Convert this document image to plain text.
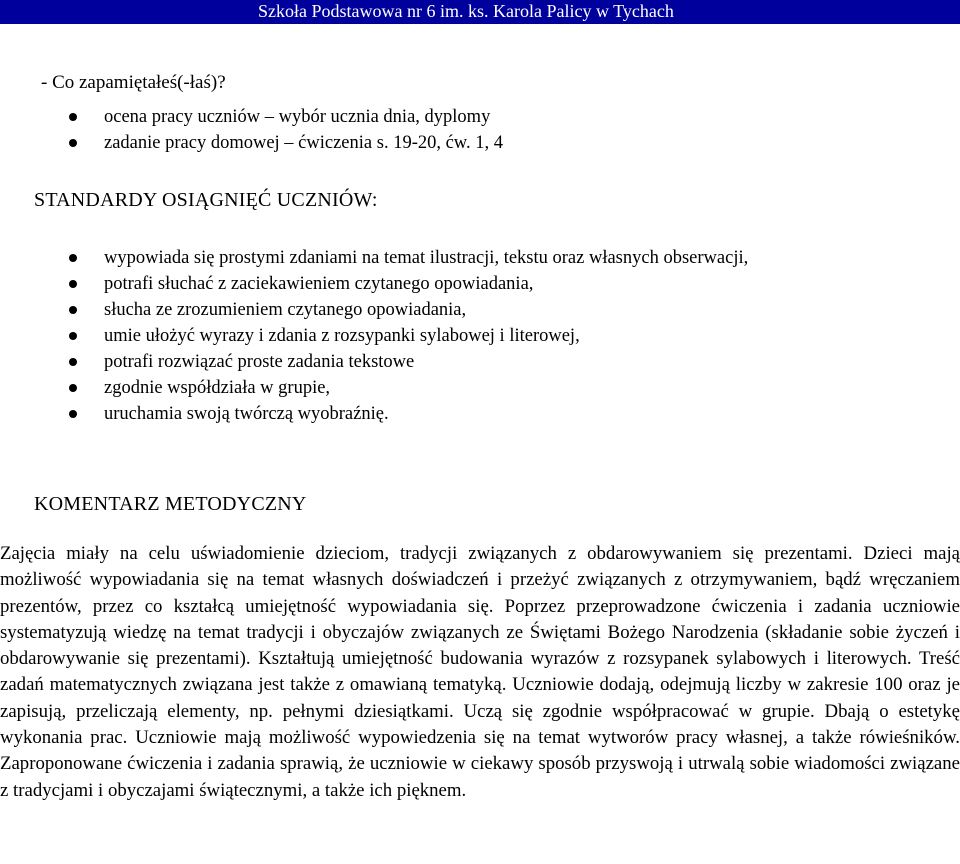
Szkoła Podstawowa nr 6 im. ks. Karola Palicy w Tychach
- Co zapamiętałeś(-łaś)?
ocena pracy uczniów – wybór ucznia dnia, dyplomy
zadanie pracy domowej – ćwiczenia s. 19-20, ćw. 1, 4
STANDARDY OSIĄGNIĘĆ UCZNIÓW:
wypowiada się prostymi zdaniami na temat ilustracji, tekstu oraz własnych obserwacji,
potrafi słuchać z zaciekawieniem czytanego opowiadania,
słucha ze zrozumieniem czytanego opowiadania,
umie ułożyć wyrazy i zdania z rozsypanki sylabowej i literowej,
potrafi rozwiązać proste zadania tekstowe
zgodnie współdziała w grupie,
uruchamia swoją twórczą wyobraźnię.
KOMENTARZ METODYCZNY

Zajęcia miały na celu uświadomienie dzieciom, tradycji związanych z obdarowywaniem się prezentami. Dzieci mają możliwość wypowiadania się na temat własnych doświadczeń i przeżyć związanych z otrzymywaniem, bądź wręczaniem prezentów, przez co kształcą umiejętność wypowiadania się. Poprzez przeprowadzone ćwiczenia i zadania uczniowie systematyzują wiedzę na temat tradycji i obyczajów związanych ze Świętami Bożego Narodzenia (składanie sobie życzeń i obdarowywanie się prezentami). Kształtują umiejętność budowania wyrazów z rozsypanek sylabowych i literowych. Treść zadań matematycznych związana jest także z omawianą tematyką. Uczniowie dodają, odejmują liczby w zakresie 100 oraz je zapisują, przeliczają elementy, np. pełnymi dziesiątkami. Uczą się zgodnie współpracować w grupie. Dbają o estetykę wykonania prac. Uczniowie mają możliwość wypowiedzenia się na temat wytworów pracy własnej, a także rówieśników. Zaproponowane ćwiczenia i zadania sprawią, że uczniowie w ciekawy sposób przyswoją i utrwalą sobie wiadomości związane z tradycjami i obyczajami świątecznymi, a także ich pięknem.
